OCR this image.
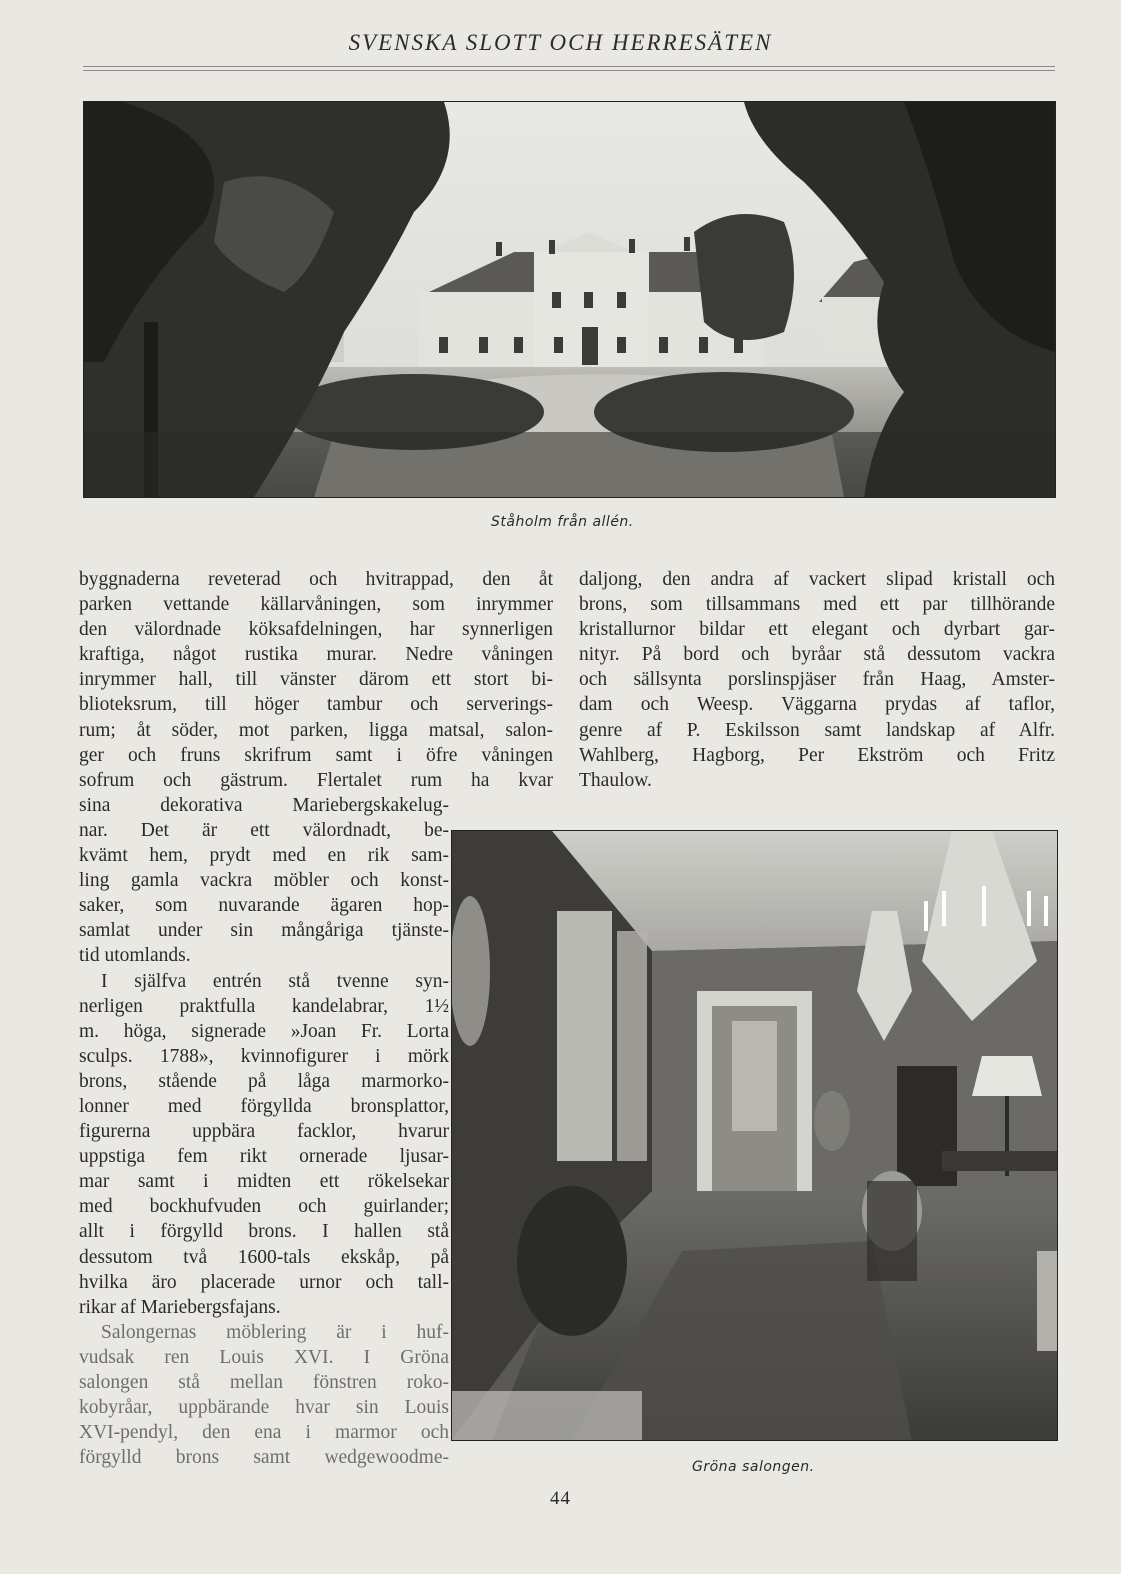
SVENSKA SLOTT OCH HERRESÄTEN
Ståholm från allén.

byggnaderna reveterad och hvitrappad, den åt

parken vettande källarvåningen, som inrymmer

den välordnade köksafdelningen, har synnerligen

kraftiga, något rustika murar. Nedre våningen

inrymmer hall, till vänster därom ett stort bi-

blioteksrum, till höger tambur och serverings-

rum; åt söder, mot parken, ligga matsal, salon-

ger och fruns skrifrum samt i öfre våningen

sofrum och gästrum. Flertalet rum ha kvar

sina dekorativa Mariebergskakelug-

nar. Det är ett välordnadt, be-

kvämt hem, prydt med en rik sam-

ling gamla vackra möbler och konst-

saker, som nuvarande ägaren hop-

samlat under sin mångåriga tjänste-

tid utomlands.

I själfva entrén stå tvenne syn-

nerligen praktfulla kandelabrar, 1½

m. höga, signerade »Joan Fr. Lorta

sculps. 1788», kvinnofigurer i mörk

brons, stående på låga marmorko-

lonner med förgyllda bronsplattor,

figurerna uppbära facklor, hvarur

uppstiga fem rikt ornerade ljusar-

mar samt i midten ett rökelsekar

med bockhufvuden och guirlander;

allt i förgylld brons. I hallen stå

dessutom två 1600-tals ekskåp, på

hvilka äro placerade urnor och tall-

rikar af Mariebergsfajans.

Salongernas möblering är i huf-

vudsak ren Louis XVI. I Gröna

salongen stå mellan fönstren roko-

kobyråar, uppbärande hvar sin Louis

XVI-pendyl, den ena i marmor och

förgylld brons samt wedgewoodme-

daljong, den andra af vackert slipad kristall och

brons, som tillsammans med ett par tillhörande

kristallurnor bildar ett elegant och dyrbart gar-

nityr. På bord och byråar stå dessutom vackra

och sällsynta porslinspjäser från Haag, Amster-

dam och Weesp. Väggarna prydas af taflor,

genre af P. Eskilsson samt landskap af Alfr.

Wahlberg, Hagborg, Per Ekström och Fritz

Thaulow.

Gröna salongen.
44
